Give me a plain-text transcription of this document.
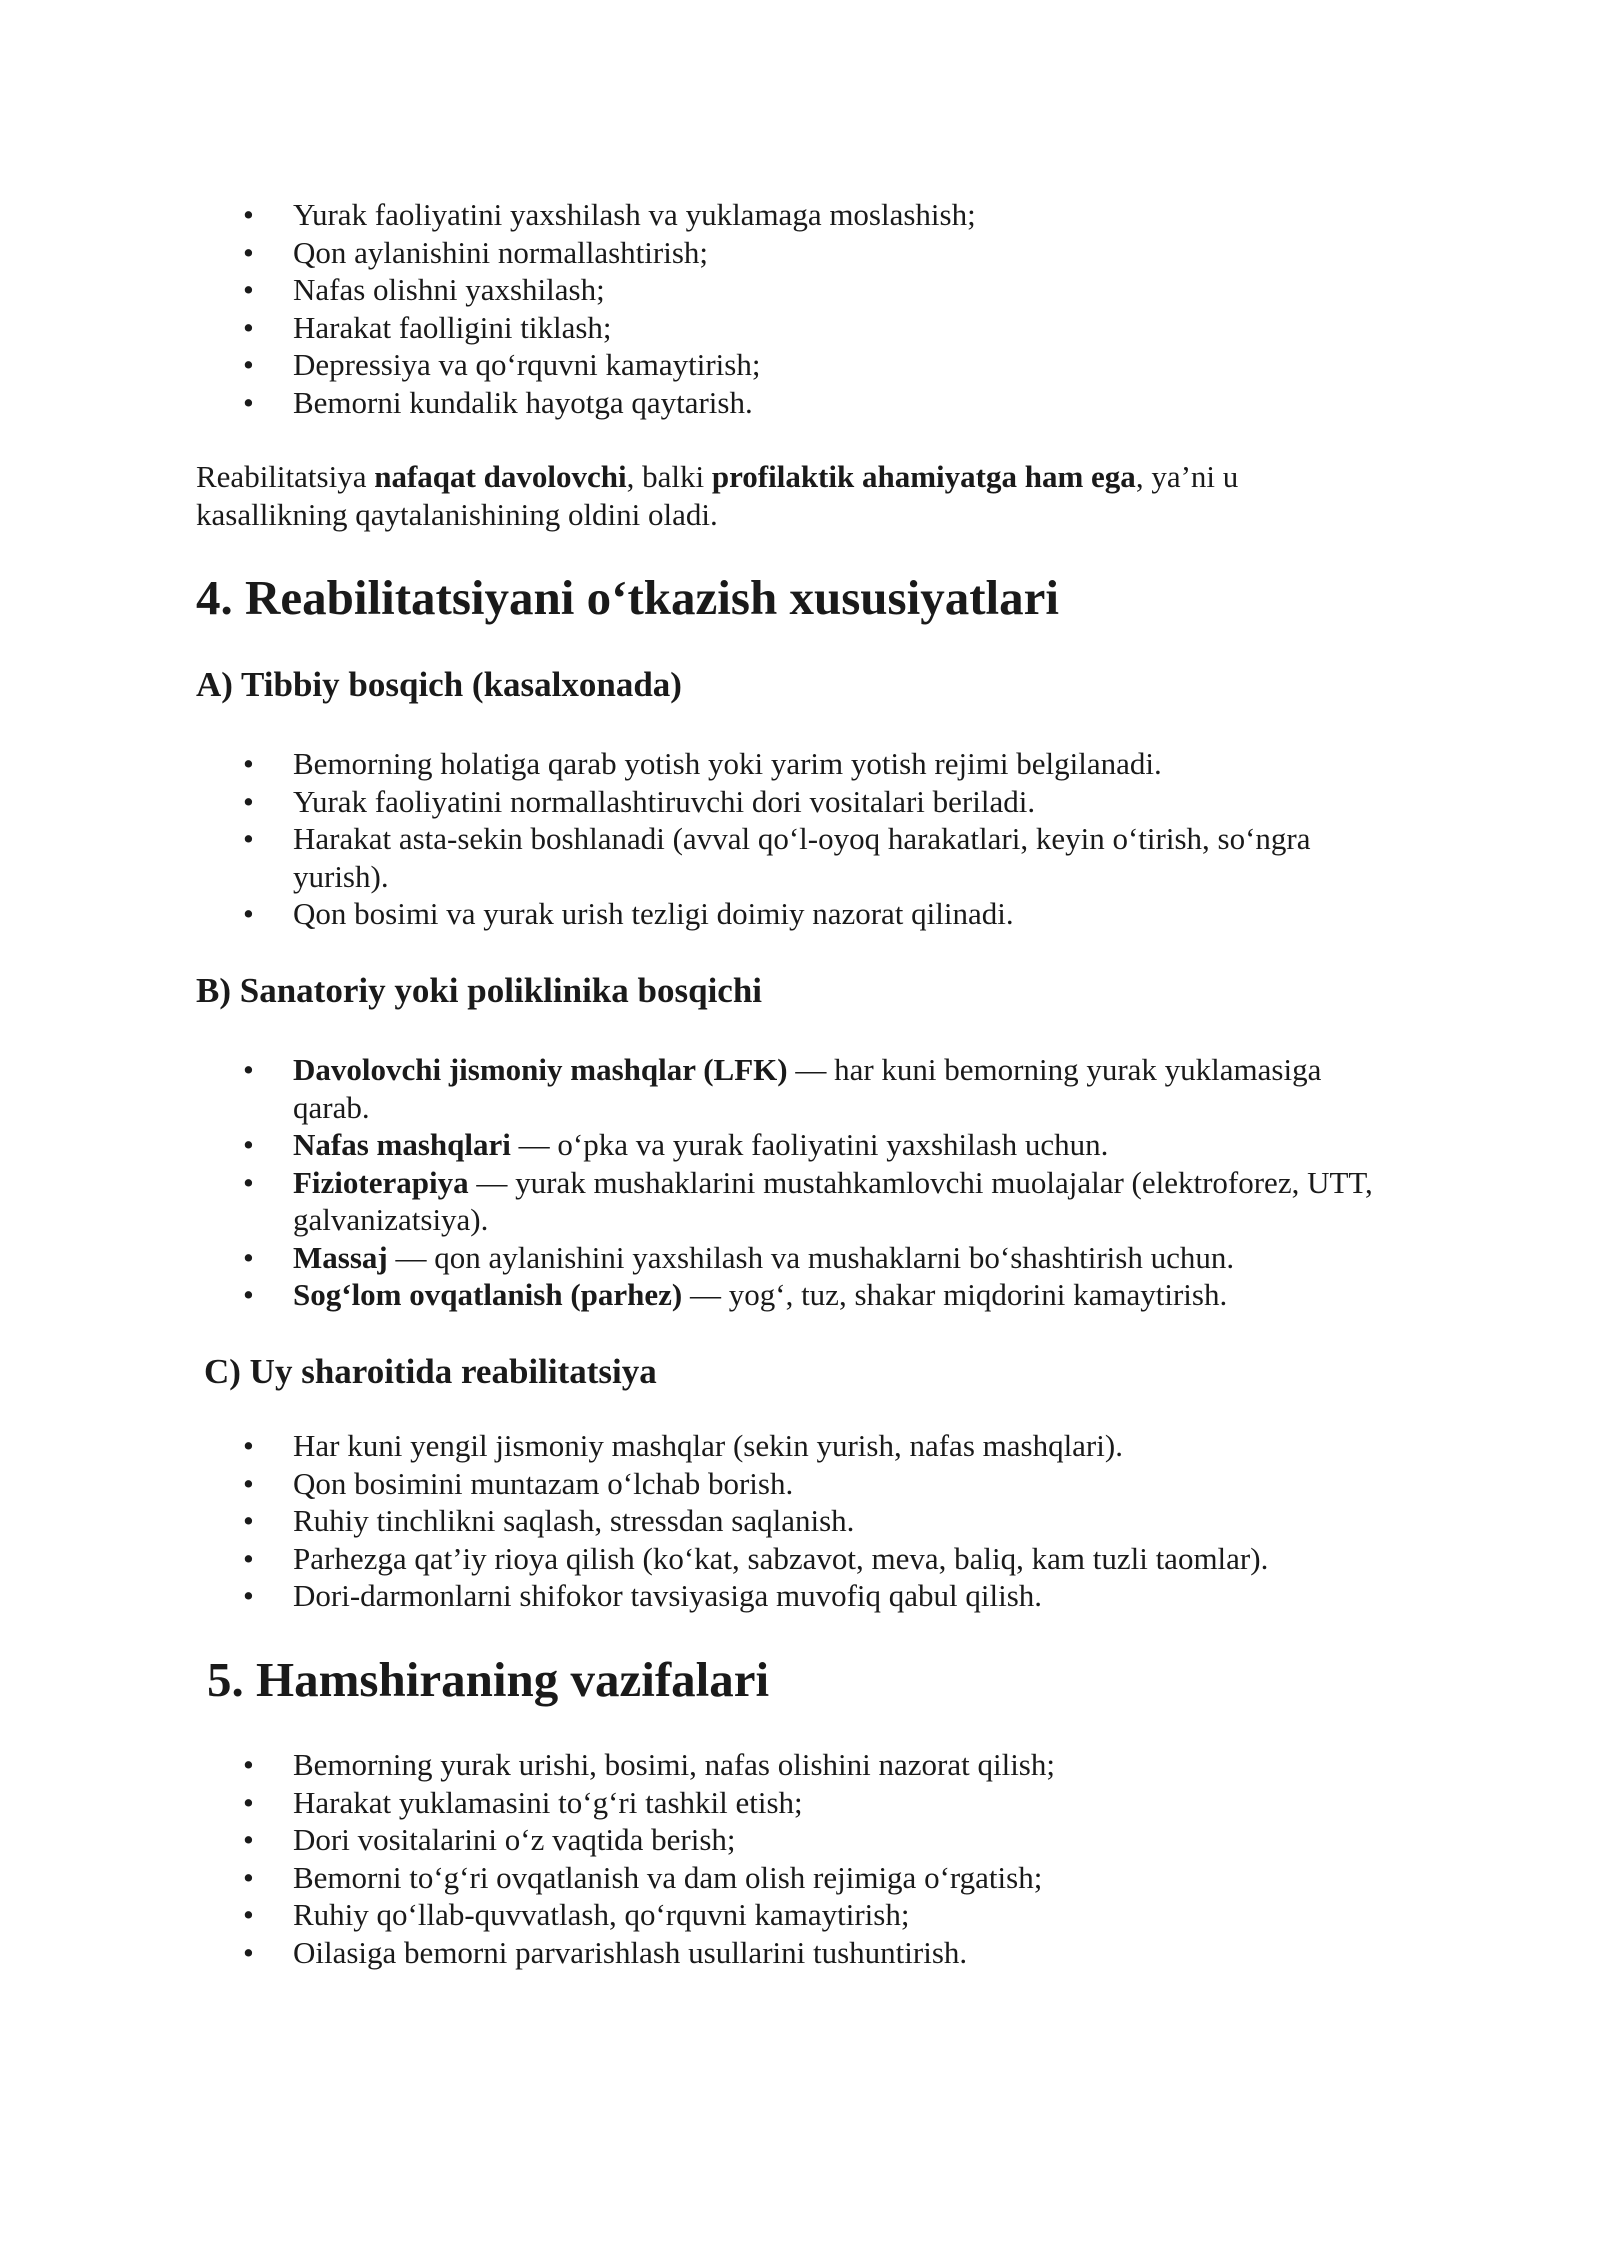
• Yurak faoliyatini yaxshilash va yuklamaga moslashish;
• Qon aylanishini normallashtirish;
• Nafas olishni yaxshilash;
• Harakat faolligini tiklash;
• Depressiya va qo‘rquvni kamaytirish;
• Bemorni kundalik hayotga qaytarish.

Reabilitatsiya nafaqat davolovchi, balki profilaktik ahamiyatga ham ega, ya’ni u kasallikning qaytalanishining oldini oladi.

4. Reabilitatsiyani o‘tkazish xususiyatlari
A) Tibbiy bosqich (kasalxonada)
• Bemorning holatiga qarab yotish yoki yarim yotish rejimi belgilanadi.
• Yurak faoliyatini normallashtiruvchi dori vositalari beriladi.
• Harakat asta-sekin boshlanadi (avval qo‘l-oyoq harakatlari, keyin o‘tirish, so‘ngra yurish).
• Qon bosimi va yurak urish tezligi doimiy nazorat qilinadi.
B) Sanatoriy yoki poliklinika bosqichi
• Davolovchi jismoniy mashqlar (LFK) — har kuni bemorning yurak yuklamasiga qarab.
• Nafas mashqlari — o‘pka va yurak faoliyatini yaxshilash uchun.
• Fizioterapiya — yurak mushaklarini mustahkamlovchi muolajalar (elektroforez, UTT, galvanizatsiya).
• Massaj — qon aylanishini yaxshilash va mushaklarni bo‘shashtirish uchun.
• Sog‘lom ovqatlanish (parhez) — yog‘, tuz, shakar miqdorini kamaytirish.
C) Uy sharoitida reabilitatsiya
• Har kuni yengil jismoniy mashqlar (sekin yurish, nafas mashqlari).
• Qon bosimini muntazam o‘lchab borish.
• Ruhiy tinchlikni saqlash, stressdan saqlanish.
• Parhezga qat’iy rioya qilish (ko‘kat, sabzavot, meva, baliq, kam tuzli taomlar).
• Dori-darmonlarni shifokor tavsiyasiga muvofiq qabul qilish.
5. Hamshiraning vazifalari
• Bemorning yurak urishi, bosimi, nafas olishini nazorat qilish;
• Harakat yuklamasini to‘g‘ri tashkil etish;
• Dori vositalarini o‘z vaqtida berish;
• Bemorni to‘g‘ri ovqatlanish va dam olish rejimiga o‘rgatish;
• Ruhiy qo‘llab-quvvatlash, qo‘rquvni kamaytirish;
• Oilasiga bemorni parvarishlash usullarini tushuntirish.
